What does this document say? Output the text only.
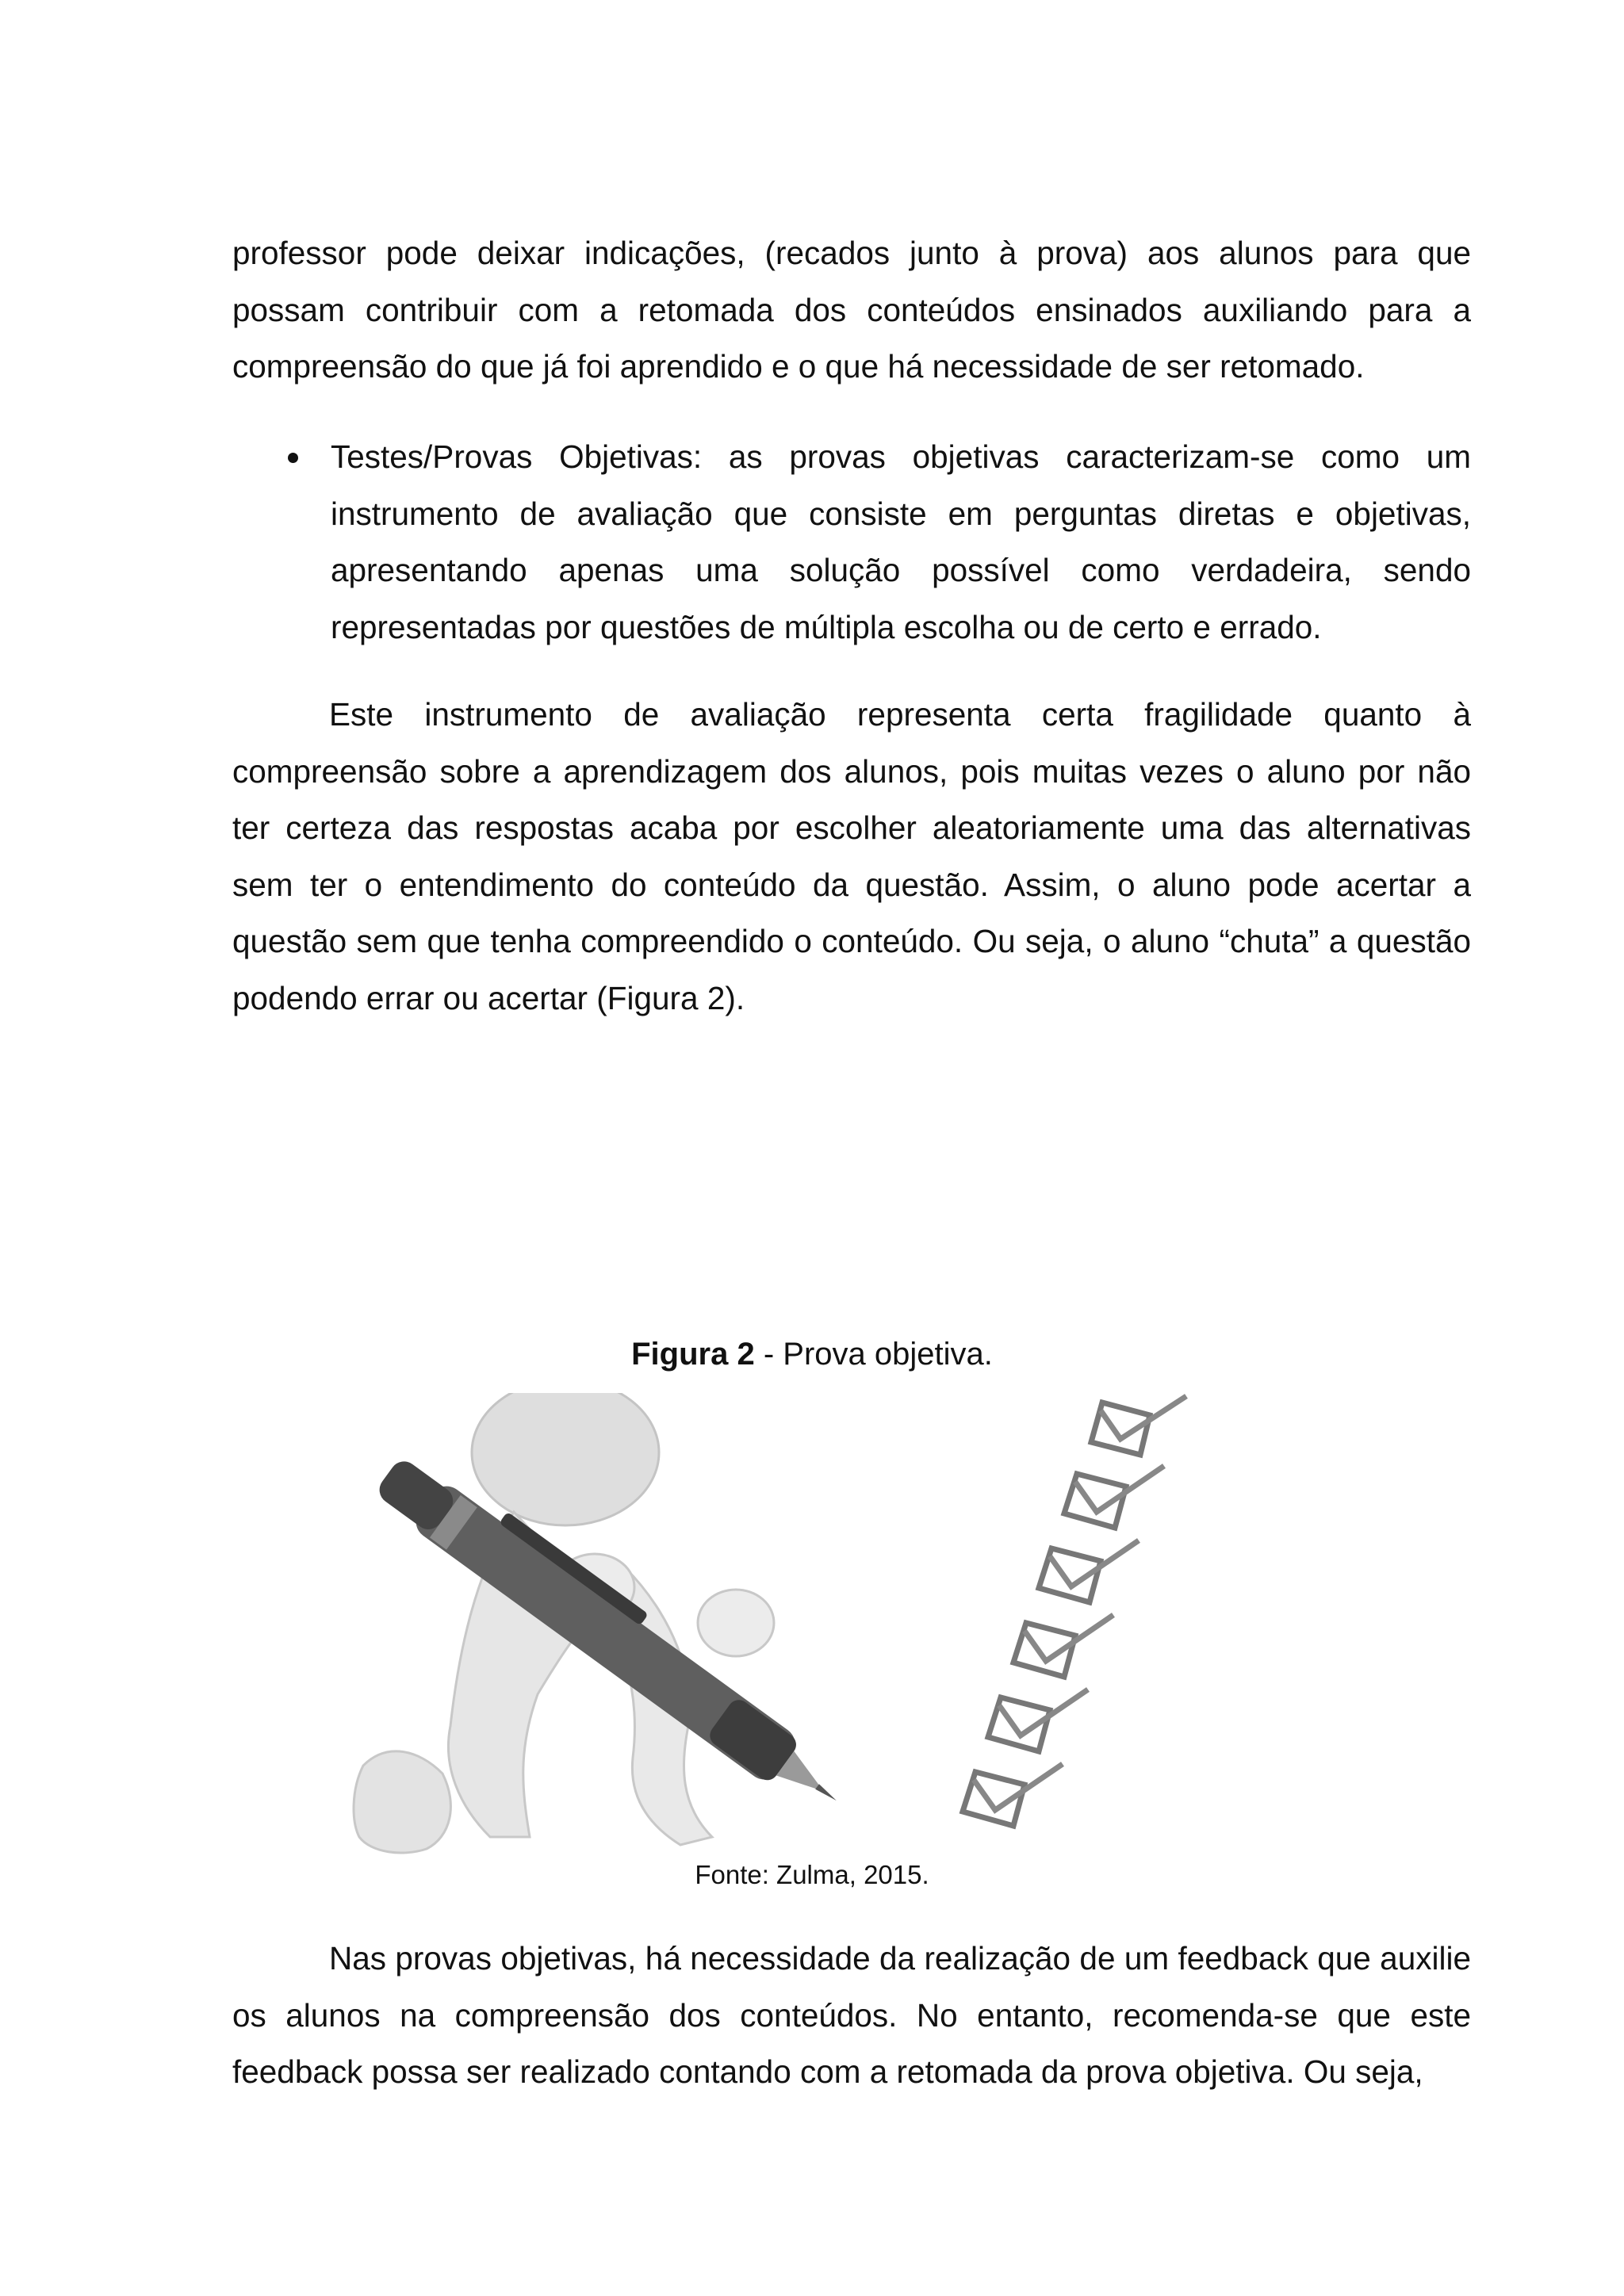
professor pode deixar indicações, (recados junto à prova) aos alunos para que possam contribuir com a retomada dos conteúdos ensinados auxiliando para a compreensão do que já foi aprendido e o que há necessidade de ser retomado.

Testes/Provas Objetivas: as provas objetivas caracterizam-se como um instrumento de avaliação que consiste em perguntas diretas e objetivas, apresentando apenas uma solução possível como verdadeira, sendo representadas por questões de múltipla escolha ou de certo e errado.

Este instrumento de avaliação representa certa fragilidade quanto à compreensão sobre a aprendizagem dos alunos, pois muitas vezes o aluno por não ter certeza das respostas acaba por escolher aleatoriamente uma das alternativas sem ter o entendimento do conteúdo da questão. Assim, o aluno pode acertar a questão sem que tenha compreendido o conteúdo. Ou seja, o aluno “chuta” a questão podendo errar ou acertar (Figura 2).

Figura 2 - Prova objetiva.
Fonte: Zulma, 2015.

Nas provas objetivas, há necessidade da realização de um feedback que auxilie os alunos na compreensão dos conteúdos. No entanto, recomenda-se que este feedback possa ser realizado contando com a retomada da prova objetiva. Ou seja,
